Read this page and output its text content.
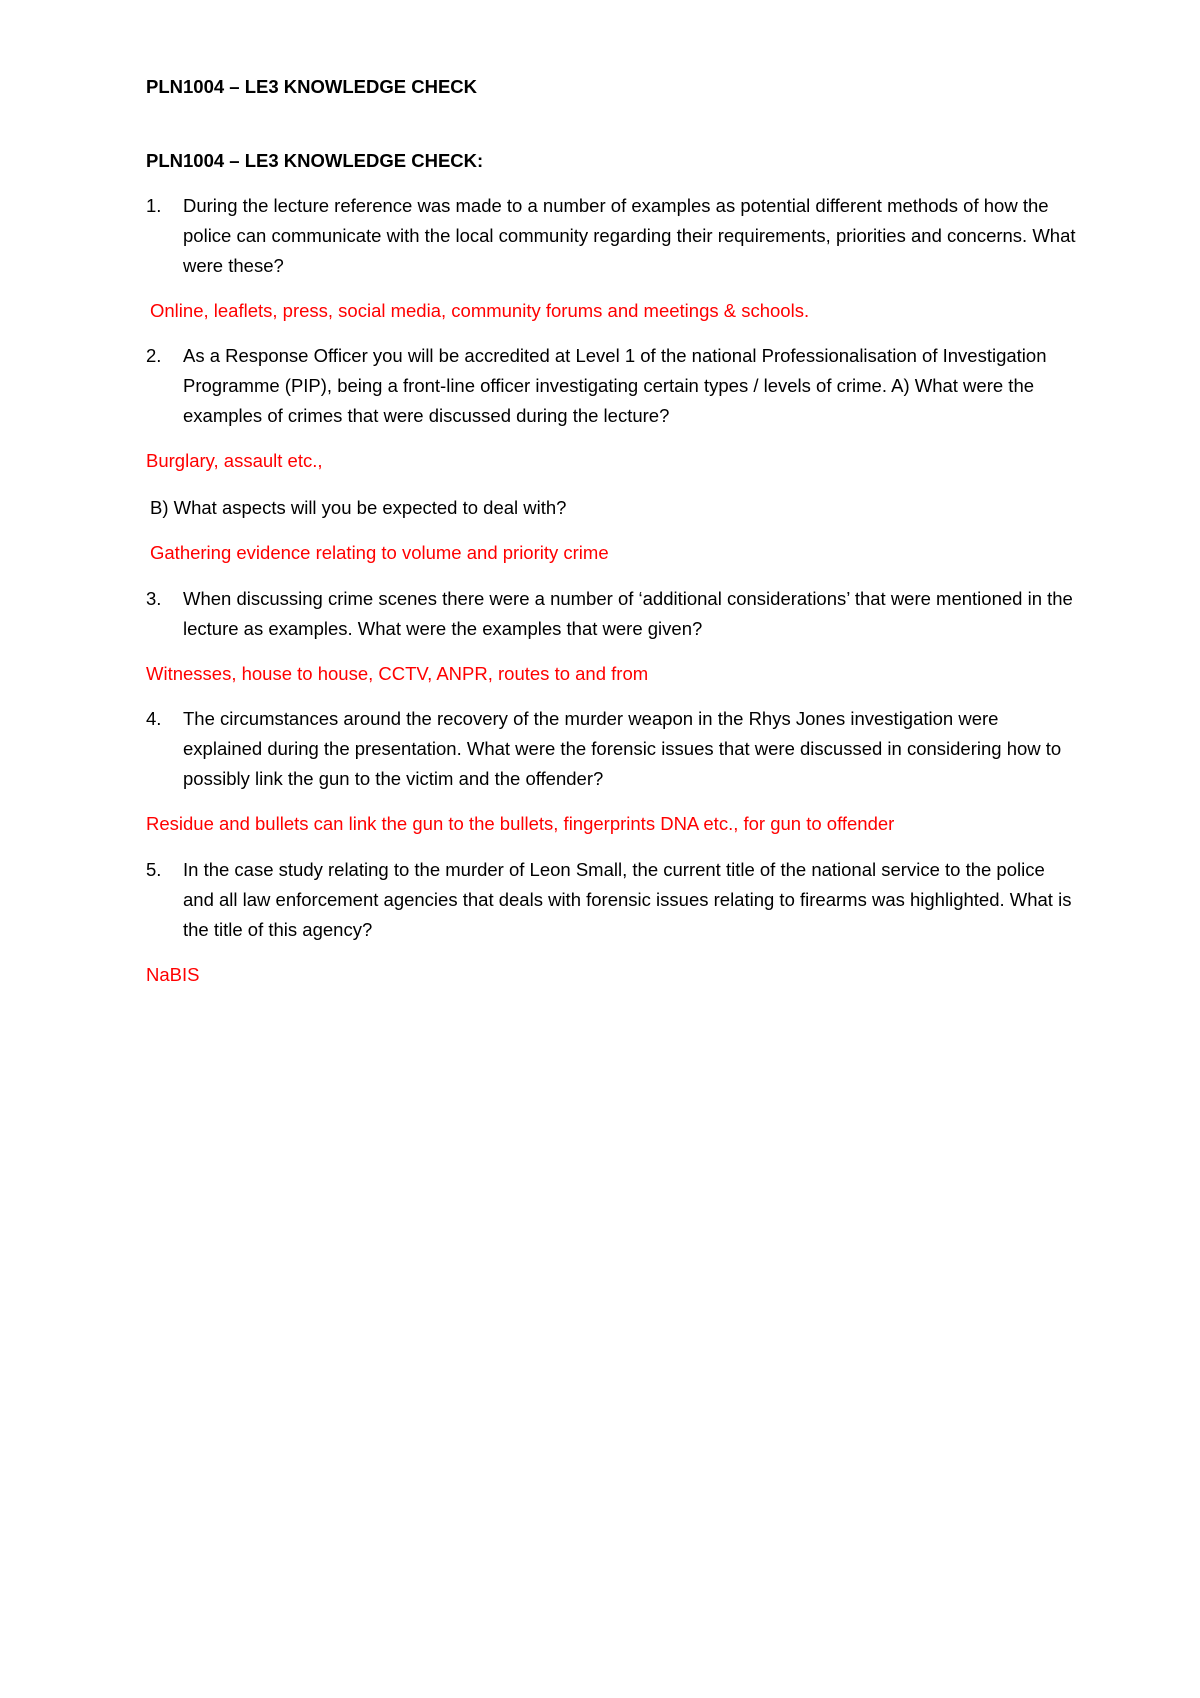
PLN1004 – LE3 KNOWLEDGE CHECK
PLN1004 – LE3 KNOWLEDGE CHECK:
1.	During the lecture reference was made to a number of examples as potential different methods of how the police can communicate with the local community regarding their requirements, priorities and concerns. What were these?
Online, leaflets, press, social media, community forums and meetings & schools.
2.	As a Response Officer you will be accredited at Level 1 of the national Professionalisation of Investigation Programme (PIP), being a front-line officer investigating certain types / levels of crime. A) What were the examples of crimes that were discussed during the lecture?
Burglary, assault etc.,
B) What aspects will you be expected to deal with?
Gathering evidence relating to volume and priority crime
3.	When discussing crime scenes there were a number of ‘additional considerations’ that were mentioned in the lecture as examples. What were the examples that were given?
Witnesses, house to house, CCTV, ANPR, routes to and from
4.	The circumstances around the recovery of the murder weapon in the Rhys Jones investigation were explained during the presentation. What were the forensic issues that were discussed in considering how to possibly link the gun to the victim and the offender?
Residue and bullets can link the gun to the bullets, fingerprints DNA etc., for gun to offender
5.	In the case study relating to the murder of Leon Small, the current title of the national service to the police and all law enforcement agencies that deals with forensic issues relating to firearms was highlighted. What is the title of this agency?
NaBIS
